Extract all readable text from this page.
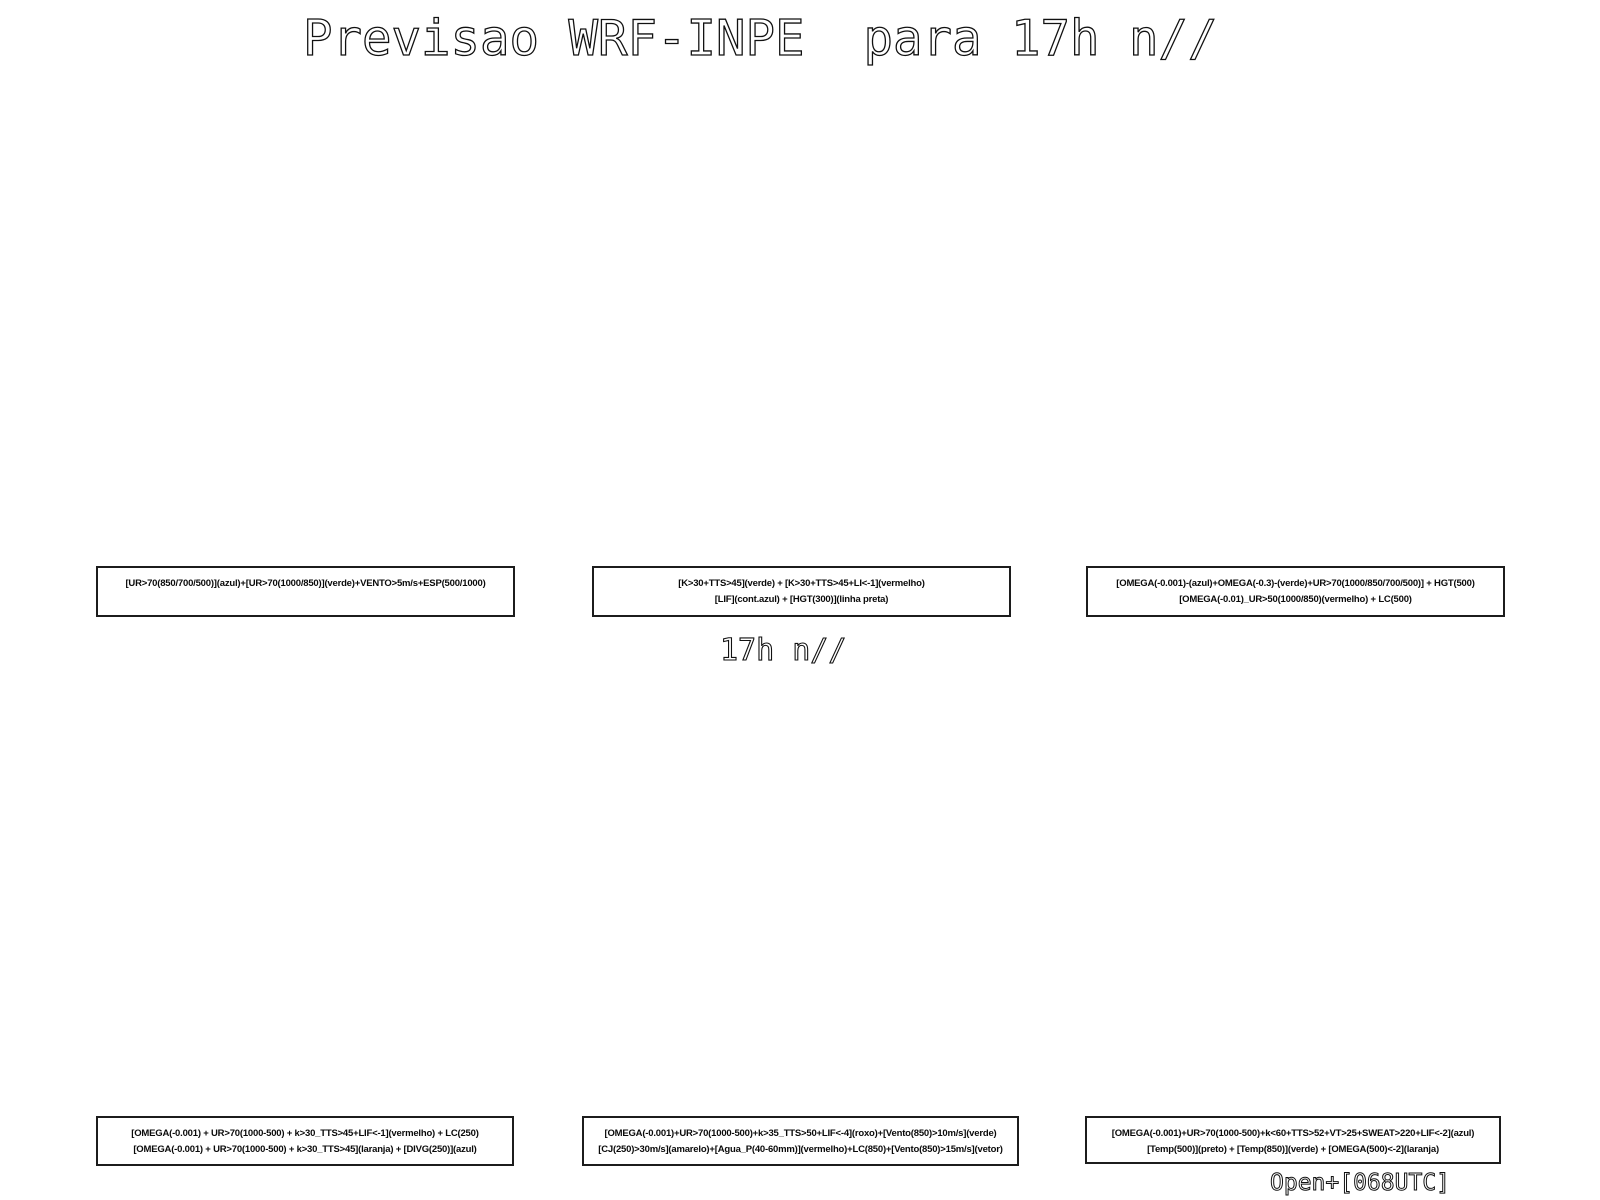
Previsao WRF-INPE  para 17h n//
[UR>70(850/700/500)](azul)+[UR>70(1000/850)](verde)+VENTO>5m/s+ESP(500/1000)	[K>30+TTS>45](verde) + [K>30+TTS>45+LI<-1](vermelho)
[LIF](cont.azul) + [HGT(300)](linha preta)
[OMEGA(-0.001)-(azul)+OMEGA(-0.3)-(verde)+UR>70(1000/850/700/500)] + HGT(500)
[OMEGA(-0.01)_UR>50(1000/850)(vermelho) + LC(500)
17h n//
[OMEGA(-0.001) + UR>70(1000-500) + k>30_TTS>45+LIF<-1](vermelho) + LC(250)
[OMEGA(-0.001) + UR>70(1000-500) + k>30_TTS>45](laranja) + [DIVG(250)](azul)
[OMEGA(-0.001)+UR>70(1000-500)+k>35_TTS>50+LIF<-4](roxo)+[Vento(850)>10m/s](verde)
[CJ(250)>30m/s](amarelo)+[Agua_P(40-60mm)](vermelho)+LC(850)+[Vento(850)>15m/s](vetor)
[OMEGA(-0.001)+UR>70(1000-500)+k<60+TTS>52+VT>25+SWEAT>220+LIF<-2](azul)
[Temp(500)](preto) + [Temp(850)](verde) + [OMEGA(500)<-2](laranja)
Open+[068UTC]
